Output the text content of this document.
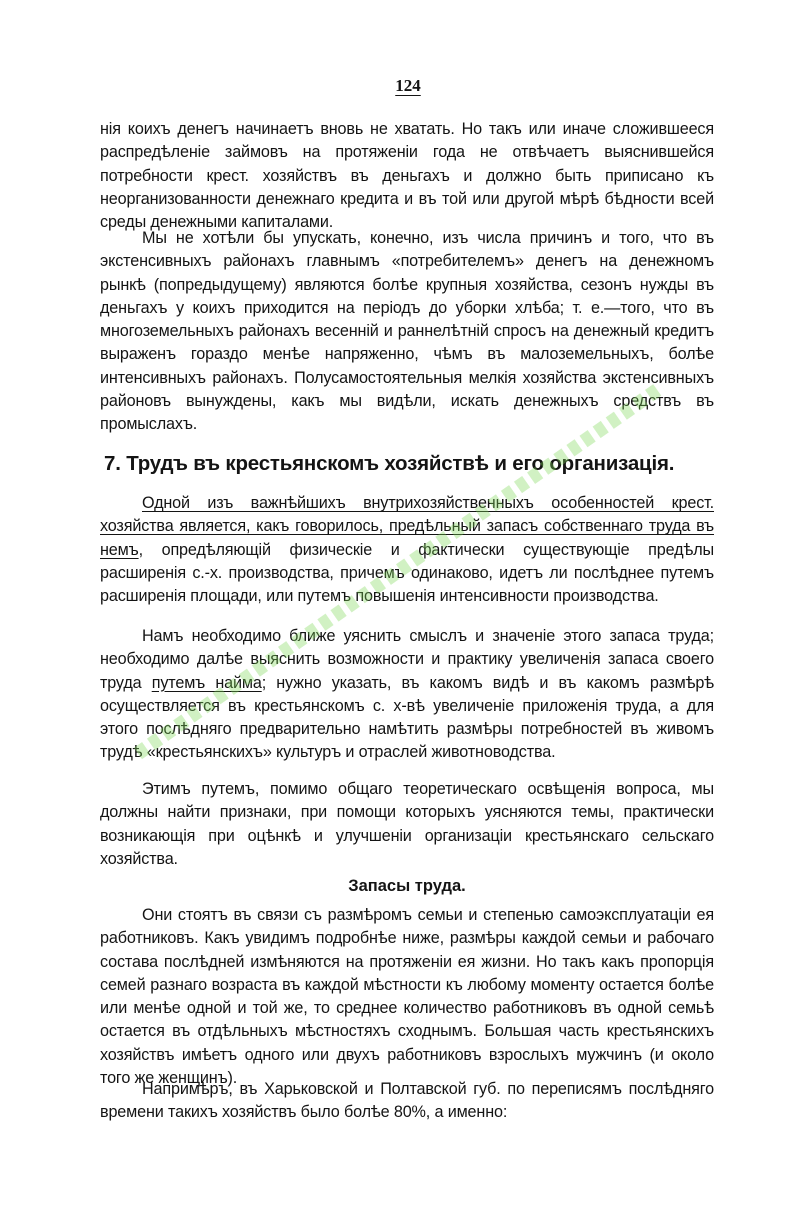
124

нія коихъ денегъ начинаетъ вновь не хватать. Но такъ или иначе сложившееся распредѣленіе займовъ на протяженіи года не отвѣчаетъ выяснившейся потребности крест. хозяйствъ въ деньгахъ и должно быть приписано къ неорганизованности денежнаго кредита и въ той или другой мѣрѣ бѣдности всей среды денежными капиталами.

Мы не хотѣли бы упускать, конечно, изъ числа причинъ и того, что въ экстенсивныхъ районахъ главнымъ «потребителемъ» денегъ на денежномъ рынкѣ (попредыдущему) являются болѣе крупныя хозяйства, сезонъ нужды въ деньгахъ у коихъ приходится на періодъ до уборки хлѣба; т. е.—того, что въ многоземельныхъ районахъ весенній и раннелѣтній спросъ на денежный кредитъ выраженъ гораздо менѣе напряженно, чѣмъ въ малоземельныхъ, болѣе интенсивныхъ районахъ. Полусамостоятельныя мелкія хозяйства экстенсивныхъ районовъ вынуждены, какъ мы видѣли, искать денежныхъ средствъ въ промыслахъ.

7. Трудъ въ крестьянскомъ хозяйствѣ и его организація.

Одной изъ важнѣйшихъ внутрихозяйственныхъ особенностей крест. хозяйства является, какъ говорилось, предѣльный запасъ собственнаго труда въ немъ, опредѣляющій физическіе и фактически существующіе предѣлы расширенія с.-х. производства, причемъ одинаково, идетъ ли послѣднее путемъ расширенія площади, или путемъ повышенія интенсивности производства.

Намъ необходимо ближе уяснить смыслъ и значеніе этого запаса труда; необходимо далѣе выяснить возможности и практику увеличенія запаса своего труда путемъ найма; нужно указать, въ какомъ видѣ и въ какомъ размѣрѣ осуществляется въ крестьянскомъ с. х-вѣ увеличеніе приложенія труда, а для этого послѣдняго предварительно намѣтить размѣры потребностей въ живомъ трудѣ «крестьянскихъ» культуръ и отраслей животноводства.

Этимъ путемъ, помимо общаго теоретическаго освѣщенія вопроса, мы должны найти признаки, при помощи которыхъ уясняются темы, практически возникающія при оцѣнкѣ и улучшеніи организаціи крестьянскаго сельскаго хозяйства.

Запасы труда.

Они стоятъ въ связи съ размѣромъ семьи и степенью самоэксплуатаціи ея работниковъ. Какъ увидимъ подробнѣе ниже, размѣры каждой семьи и рабочаго состава послѣдней измѣняются на протяженіи ея жизни. Но такъ какъ пропорція семей разнаго возраста въ каждой мѣстности къ любому моменту остается болѣе или менѣе одной и той же, то среднее количество работниковъ въ одной семьѣ остается въ отдѣльныхъ мѣстностяхъ сходнымъ. Большая часть крестьянскихъ хозяйствъ имѣетъ одного или двухъ работниковъ взрослыхъ мужчинъ (и около того же женщинъ).

Напримѣръ, въ Харьковской и Полтавской губ. по переписямъ послѣдняго времени такихъ хозяйствъ было болѣе 80%, а именно:
